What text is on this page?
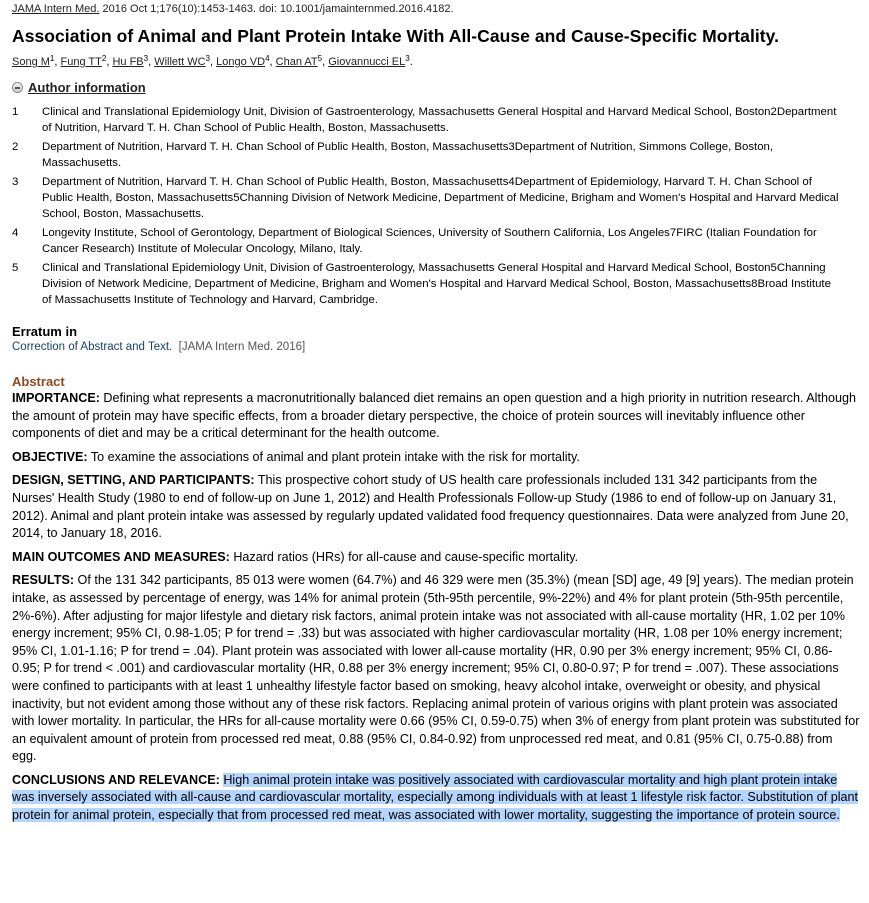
JAMA Intern Med. 2016 Oct 1;176(10):1453-1463. doi: 10.1001/jamainternmed.2016.4182.
Association of Animal and Plant Protein Intake With All-Cause and Cause-Specific Mortality.
Song $M^1$, Fung $TT^2$, Hu $FB^3$, Willett $WC^3$, Longo $VD^4$, Chan $AT^5$, Giovannucci $EL^3$.
Author information
1	Clinical and Translational Epidemiology Unit, Division of Gastroenterology, Massachusetts General Hospital and Harvard Medical School, Boston2Department of Nutrition, Harvard T. H. Chan School of Public Health, Boston, Massachusetts.
2	Department of Nutrition, Harvard T. H. Chan School of Public Health, Boston, Massachusetts3Department of Nutrition, Simmons College, Boston, Massachusetts.
3	Department of Nutrition, Harvard T. H. Chan School of Public Health, Boston, Massachusetts4Department of Epidemiology, Harvard T. H. Chan School of Public Health, Boston, Massachusetts5Channing Division of Network Medicine, Department of Medicine, Brigham and Women's Hospital and Harvard Medical School, Boston, Massachusetts.
4	Longevity Institute, School of Gerontology, Department of Biological Sciences, University of Southern California, Los Angeles7FIRC (Italian Foundation for Cancer Research) Institute of Molecular Oncology, Milano, Italy.
5	Clinical and Translational Epidemiology Unit, Division of Gastroenterology, Massachusetts General Hospital and Harvard Medical School, Boston5Channing Division of Network Medicine, Department of Medicine, Brigham and Women's Hospital and Harvard Medical School, Boston, Massachusetts8Broad Institute of Massachusetts Institute of Technology and Harvard, Cambridge.
Erratum in
Correction of Abstract and Text. [JAMA Intern Med. 2016]
Abstract

IMPORTANCE: Defining what represents a macronutritionally balanced diet remains an open question and a high priority in nutrition research. Although the amount of protein may have specific effects, from a broader dietary perspective, the choice of protein sources will inevitably influence other components of diet and may be a critical determinant for the health outcome.

OBJECTIVE: To examine the associations of animal and plant protein intake with the risk for mortality.

DESIGN, SETTING, AND PARTICIPANTS: This prospective cohort study of US health care professionals included 131 342 participants from the Nurses' Health Study (1980 to end of follow-up on June 1, 2012) and Health Professionals Follow-up Study (1986 to end of follow-up on January 31, 2012). Animal and plant protein intake was assessed by regularly updated validated food frequency questionnaires. Data were analyzed from June 20, 2014, to January 18, 2016.

MAIN OUTCOMES AND MEASURES: Hazard ratios (HRs) for all-cause and cause-specific mortality.

RESULTS: Of the 131 342 participants, 85 013 were women (64.7%) and 46 329 were men (35.3%) (mean [SD] age, 49 [9] years). The median protein intake, as assessed by percentage of energy, was 14% for animal protein (5th-95th percentile, 9%-22%) and 4% for plant protein (5th-95th percentile, 2%-6%). After adjusting for major lifestyle and dietary risk factors, animal protein intake was not associated with all-cause mortality (HR, 1.02 per 10% energy increment; 95% CI, 0.98-1.05; P for trend = .33) but was associated with higher cardiovascular mortality (HR, 1.08 per 10% energy increment; 95% CI, 1.01-1.16; P for trend = .04). Plant protein was associated with lower all-cause mortality (HR, 0.90 per 3% energy increment; 95% CI, 0.86-0.95; P for trend < .001) and cardiovascular mortality (HR, 0.88 per 3% energy increment; 95% CI, 0.80-0.97; P for trend = .007). These associations were confined to participants with at least 1 unhealthy lifestyle factor based on smoking, heavy alcohol intake, overweight or obesity, and physical inactivity, but not evident among those without any of these risk factors. Replacing animal protein of various origins with plant protein was associated with lower mortality. In particular, the HRs for all-cause mortality were 0.66 (95% CI, 0.59-0.75) when 3% of energy from plant protein was substituted for an equivalent amount of protein from processed red meat, 0.88 (95% CI, 0.84-0.92) from unprocessed red meat, and 0.81 (95% CI, 0.75-0.88) from egg.

CONCLUSIONS AND RELEVANCE: High animal protein intake was positively associated with cardiovascular mortality and high plant protein intake was inversely associated with all-cause and cardiovascular mortality, especially among individuals with at least 1 lifestyle risk factor. Substitution of plant protein for animal protein, especially that from processed red meat, was associated with lower mortality, suggesting the importance of protein source.
